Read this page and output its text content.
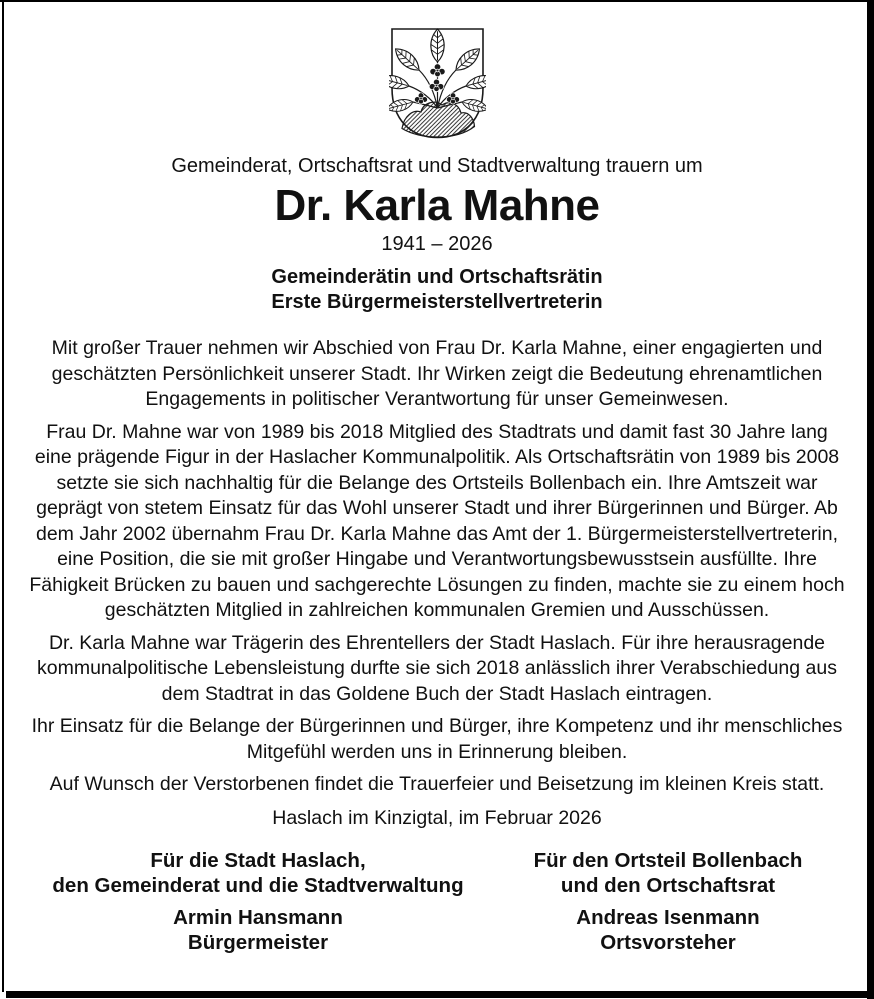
Gemeinderat, Ortschaftsrat und Stadtverwaltung trauern um
Dr. Karla Mahne
1941 – 2026
Gemeinderätin und Ortschaftsrätin
Erste Bürgermeisterstellvertreterin

Mit großer Trauer nehmen wir Abschied von Frau Dr. Karla Mahne, einer engagierten und geschätzten Persönlichkeit unserer Stadt. Ihr Wirken zeigt die Bedeutung ehrenamtlichen Engagements in politischer Verantwortung für unser Gemeinwesen.

Frau Dr. Mahne war von 1989 bis 2018 Mitglied des Stadtrats und damit fast 30 Jahre lang eine prägende Figur in der Haslacher Kommunalpolitik. Als Ortschaftsrätin von 1989 bis 2008 setzte sie sich nachhaltig für die Belange des Ortsteils Bollenbach ein. Ihre Amtszeit war geprägt von stetem Einsatz für das Wohl unserer Stadt und ihrer Bürgerinnen und Bürger. Ab dem Jahr 2002 übernahm Frau Dr. Karla Mahne das Amt der 1. Bürgermeisterstellvertreterin, eine Position, die sie mit großer Hingabe und Verantwortungsbewusstsein ausfüllte. Ihre Fähigkeit Brücken zu bauen und sachgerechte Lösungen zu finden, machte sie zu einem hoch geschätzten Mitglied in zahlreichen kommunalen Gremien und Ausschüssen.

Dr. Karla Mahne war Trägerin des Ehrentellers der Stadt Haslach. Für ihre herausragende kommunalpolitische Lebensleistung durfte sie sich 2018 anlässlich ihrer Verabschiedung aus dem Stadtrat in das Goldene Buch der Stadt Haslach eintragen.

Ihr Einsatz für die Belange der Bürgerinnen und Bürger, ihre Kompetenz und ihr menschliches Mitgefühl werden uns in Erinnerung bleiben.

Auf Wunsch der Verstorbenen findet die Trauerfeier und Beisetzung im kleinen Kreis statt.

Haslach im Kinzigtal, im Februar 2026
Für die Stadt Haslach,
den Gemeinderat und die Stadtverwaltung
Armin Hansmann
Bürgermeister
Für den Ortsteil Bollenbach
und den Ortschaftsrat
Andreas Isenmann
Ortsvorsteher
